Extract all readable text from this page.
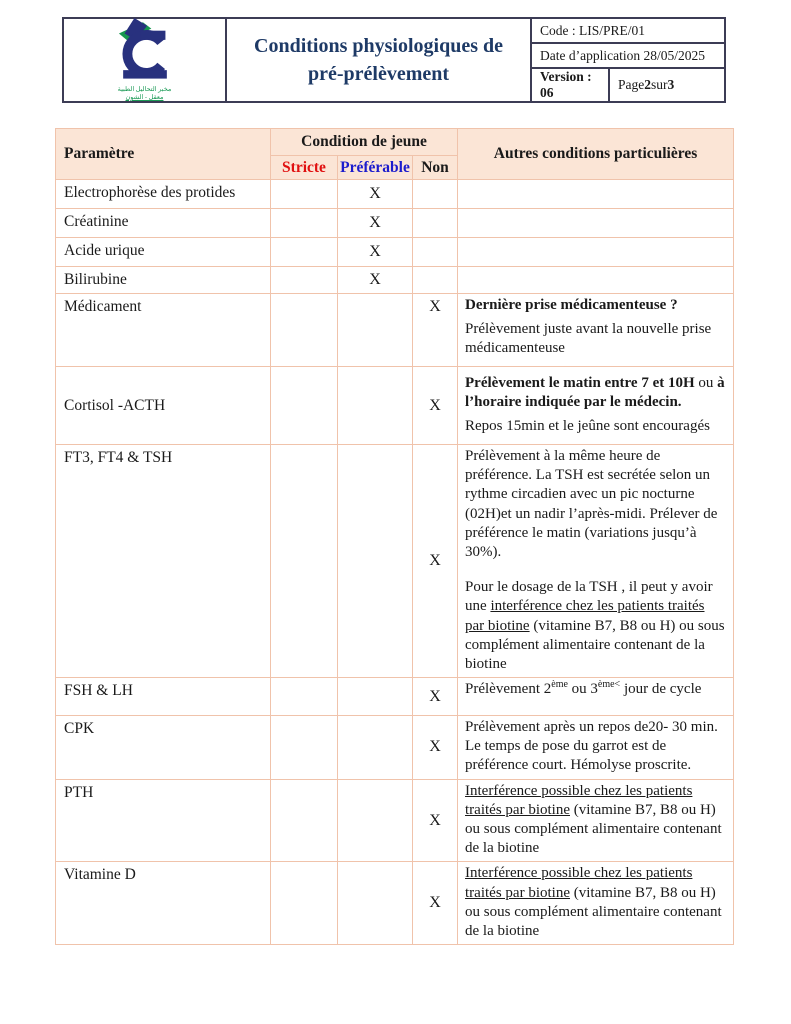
مخبر التحاليل الطبية
معقل - الشون
Conditions physiologiques de pré-prélèvement
Code : LIS/PRE/01
Date d’application 28/05/2025
Version : 06
Page 2 sur 3
Paramètre	Condition de jeune			Autres conditions particulières
	Stricte	Préférable	Non	
Electrophorèse des protides		X		
Créatinine		X		
Acide urique		X		
Bilirubine		X		
Médicament			X	Dernière prise médicamenteuse ?

Prélèvement juste avant la nouvelle prise médicamenteuse

Cortisol -ACTH			X	Prélèvement le matin entre 7 et 10H ou à l’horaire indiquée par le médecin.

Repos 15min et le jeûne sont encouragés

FT3, FT4 & TSH			X	Prélèvement à la même heure de préférence. La TSH est secrétée selon un rythme circadien avec un pic nocturne (02H)et un nadir l’après-midi. Prélever de préférence le matin (variations jusqu’à 30%).

Pour le dosage de la TSH , il peut y avoir une interférence chez les patients traités par biotine (vitamine B7, B8 ou H) ou sous complément alimentaire contenant de la biotine

FSH & LH			X	Prélèvement 2ème ou $3^{ème<}$ jour de cycle

CPK			X	Prélèvement après un repos de20- 30 min. Le temps de pose du garrot est de préférence court. Hémolyse proscrite.

PTH			X	Interférence possible chez les patients traités par biotine (vitamine B7, B8 ou H) ou sous complément alimentaire contenant de la biotine

Vitamine D			X	Interférence possible chez les patients traités par biotine (vitamine B7, B8 ou H) ou sous complément alimentaire contenant de la biotine
